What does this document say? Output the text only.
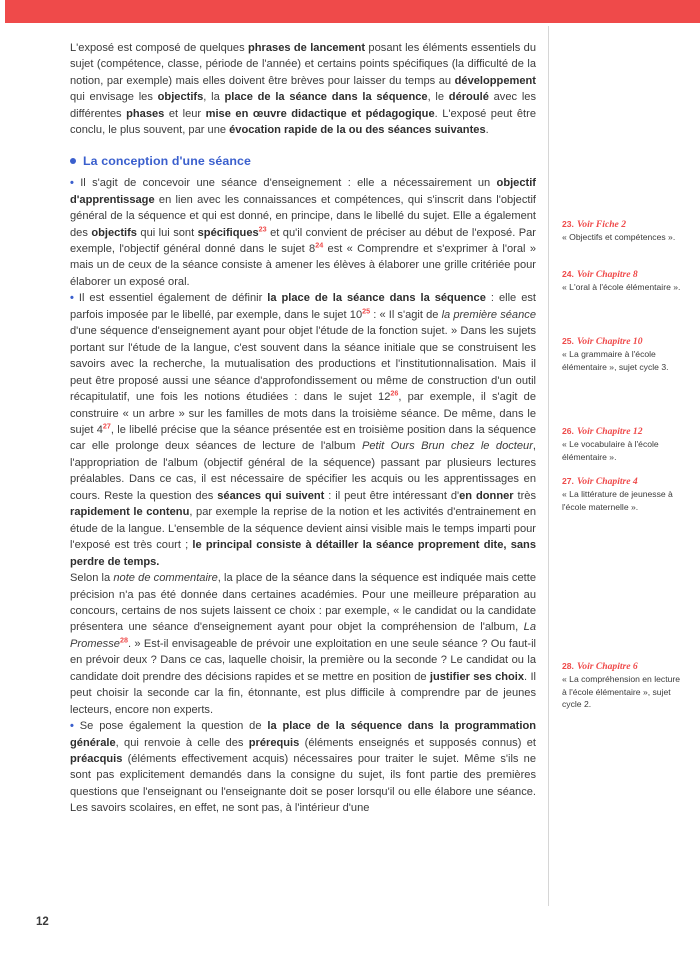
L'exposé est composé de quelques phrases de lancement posant les éléments essentiels du sujet (compétence, classe, période de l'année) et certains points spécifiques (la difficulté de la notion, par exemple) mais elles doivent être brèves pour laisser du temps au développement qui envisage les objectifs, la place de la séance dans la séquence, le déroulé avec les différentes phases et leur mise en œuvre didactique et pédagogique. L'exposé peut être conclu, le plus souvent, par une évocation rapide de la ou des séances suivantes.

La conception d'une séance

• Il s'agit de concevoir une séance d'enseignement : elle a nécessairement un objectif d'apprentissage en lien avec les connaissances et compétences, qui s'inscrit dans l'objectif général de la séquence et qui est donné, en principe, dans le libellé du sujet. Elle a également des objectifs qui lui sont spécifiques$^{23}$ et qu'il convient de préciser au début de l'exposé. Par exemple, l'objectif général donné dans le sujet $8^{24}$ est « Comprendre et s'exprimer à l'oral » mais un de ceux de la séance consiste à amener les élèves à élaborer une grille critériée pour élaborer un exposé oral.

• Il est essentiel également de définir la place de la séance dans la séquence : elle est parfois imposée par le libellé, par exemple, dans le sujet $10^{25}$ : « Il s'agit de la première séance d'une séquence d'enseignement ayant pour objet l'étude de la fonction sujet. » Dans les sujets portant sur l'étude de la langue, c'est souvent dans la séance initiale que se construisent les savoirs avec la recherche, la mutualisation des productions et l'institutionnalisation. Mais il peut être proposé aussi une séance d'approfondissement ou même de construction d'un outil récapitulatif, une fois les notions étudiées : dans le sujet $12^{26}$, par exemple, il s'agit de construire « un arbre » sur les familles de mots dans la troisième séance. De même, dans le sujet $4^{27}$, le libellé précise que la séance présentée est en troisième position dans la séquence car elle prolonge deux séances de lecture de l'album Petit Ours Brun chez le docteur, l'appropriation de l'album (objectif général de la séquence) passant par plusieurs lectures préalables. Dans ce cas, il est nécessaire de spécifier les acquis ou les apprentissages en cours. Reste la question des séances qui suivent : il peut être intéressant d'en donner très rapidement le contenu, par exemple la reprise de la notion et les activités d'entrainement en étude de la langue. L'ensemble de la séquence devient ainsi visible mais le temps imparti pour l'exposé est très court ; le principal consiste à détailler la séance proprement dite, sans perdre de temps.

Selon la note de commentaire, la place de la séance dans la séquence est indiquée mais cette précision n'a pas été donnée dans certaines académies. Pour une meilleure préparation au concours, certains de nos sujets laissent ce choix : par exemple, « le candidat ou la candidate présentera une séance d'enseignement ayant pour objet la compréhension de l'album, La Promesse$^{28}$. » Est-il envisageable de prévoir une exploitation en une seule séance ? Ou faut-il en prévoir deux ? Dans ce cas, laquelle choisir, la première ou la seconde ? Le candidat ou la candidate doit prendre des décisions rapides et se mettre en position de justifier ses choix. Il peut choisir la seconde car la fin, étonnante, est plus difficile à comprendre par de jeunes lecteurs, encore non experts.

• Se pose également la question de la place de la séquence dans la programmation générale, qui renvoie à celle des prérequis (éléments enseignés et supposés connus) et préacquis (éléments effectivement acquis) nécessaires pour traiter le sujet. Même s'ils ne sont pas explicitement demandés dans la consigne du sujet, ils font partie des premières questions que l'enseignant ou l'enseignante doit se poser lorsqu'il ou elle élabore une séance. Les savoirs scolaires, en effet, ne sont pas, à l'intérieur d'une

23. Voir Fiche 2
« Objectifs et compétences ».
24. Voir Chapitre 8
« L'oral à l'école élémentaire ».
25. Voir Chapitre 10
« La grammaire à l'école élémentaire », sujet cycle 3.
26. Voir Chapitre 12
« Le vocabulaire à l'école élémentaire ».
27. Voir Chapitre 4
« La littérature de jeunesse à l'école maternelle ».
28. Voir Chapitre 6
« La compréhension en lecture à l'école élémentaire », sujet cycle 2.
12
